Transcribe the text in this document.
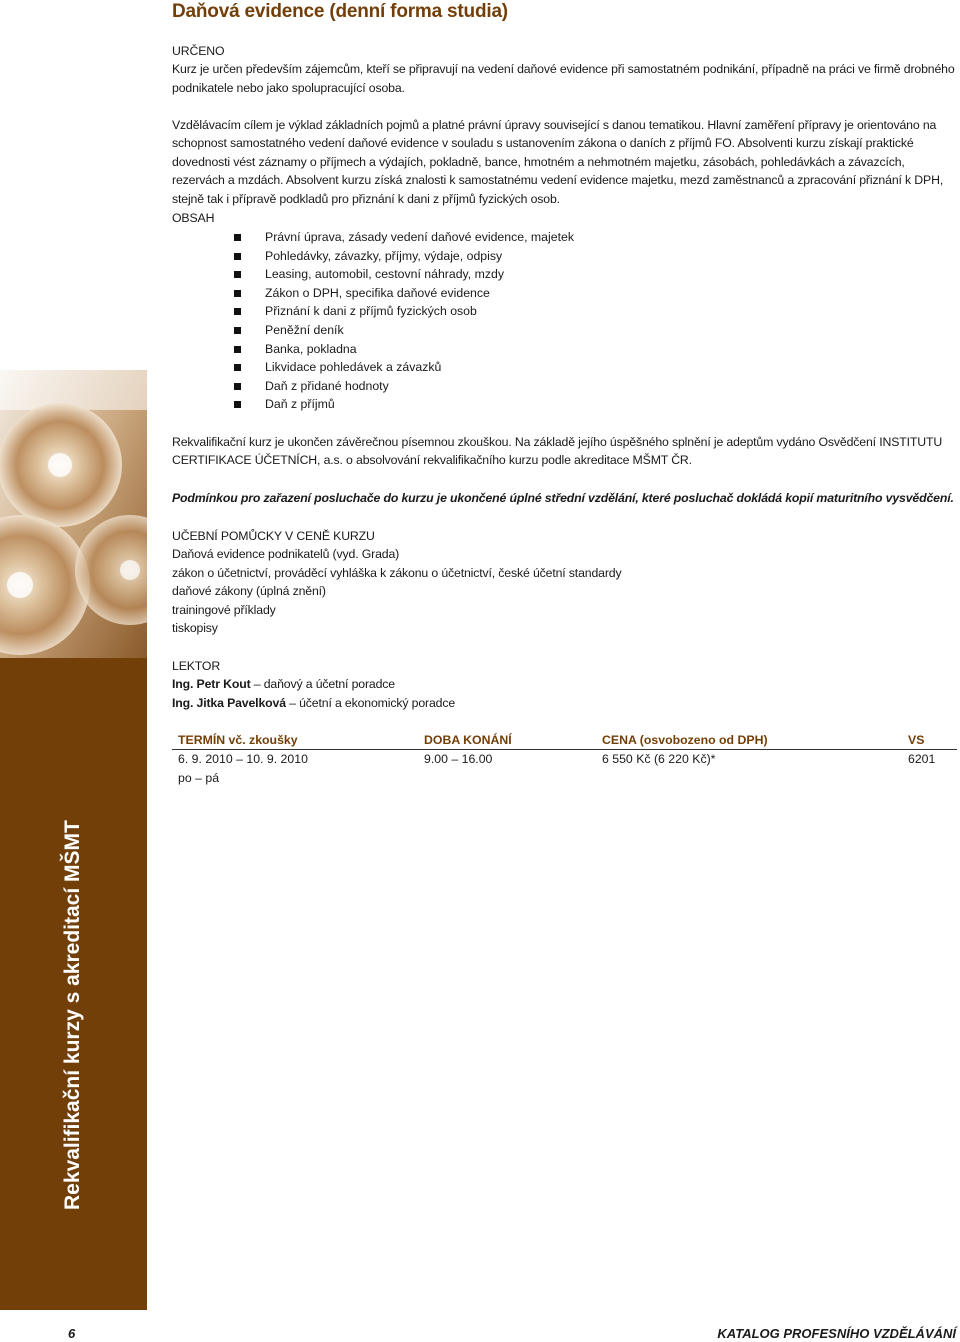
Rekvalifikační kurzy s akreditací MŠMT
Daňová evidence (denní forma studia)

URČENO

Kurz je určen především zájemcům, kteří se připravují na vedení daňové evidence při samostatném podnikání, případně na práci ve firmě drobného podnikatele nebo jako spolupracující osoba.

Vzdělávacím cílem je výklad základních pojmů a platné právní úpravy související s danou tematikou. Hlavní zaměření přípravy je orientováno na schopnost samostatného vedení daňové evidence v souladu s ustanovením zákona o daních z příjmů FO. Absolventi kurzu získají praktické dovednosti vést záznamy o příjmech a výdajích, pokladně, bance, hmotném a nehmotném majetku, zásobách, pohledávkách a závazcích, rezervách a mzdách. Absolvent kurzu získá znalosti k samostatnému vedení evidence majetku, mezd zaměstnanců a zpracování přiznání k DPH, stejně tak i přípravě podkladů pro přiznání k dani z příjmů fyzických osob.

OBSAH

Právní úprava, zásady vedení daňové evidence, majetek
Pohledávky, závazky, příjmy, výdaje, odpisy
Leasing, automobil, cestovní náhrady, mzdy
Zákon o DPH, specifika daňové evidence
Přiznání k dani z příjmů fyzických osob
Peněžní deník
Banka, pokladna
Likvidace pohledávek a závazků
Daň z přidané hodnoty
Daň z příjmů

Rekvalifikační kurz je ukončen závěrečnou písemnou zkouškou. Na základě jejího úspěšného splnění je adeptům vydáno Osvědčení INSTITUTU CERTIFIKACE ÚČETNÍCH, a.s. o absolvování rekvalifikačního kurzu podle akreditace MŠMT ČR.

Podmínkou pro zařazení posluchače do kurzu je ukončené úplné střední vzdělání, které posluchač dokládá kopií maturitního vysvědčení.

UČEBNÍ POMŮCKY V CENĚ KURZU

Daňová evidence podnikatelů (vyd. Grada)

zákon o účetnictví, prováděcí vyhláška k zákonu o účetnictví, české účetní standardy

daňové zákony (úplná znění)

trainingové příklady

tiskopisy

LEKTOR

Ing. Petr Kout – daňový a účetní poradce

Ing. Jitka Pavelková – účetní a ekonomický poradce

TERMÍN vč. zkoušky	DOBA KONÁNÍ	CENA (osvobozeno od DPH)	VS
6. 9. 2010 – 10. 9. 2010	9.00 – 16.00	6 550 Kč (6 220 Kč)*	6201
po – pá			
6	KATALOG PROFESNÍHO VZDĚLÁVÁNÍ
